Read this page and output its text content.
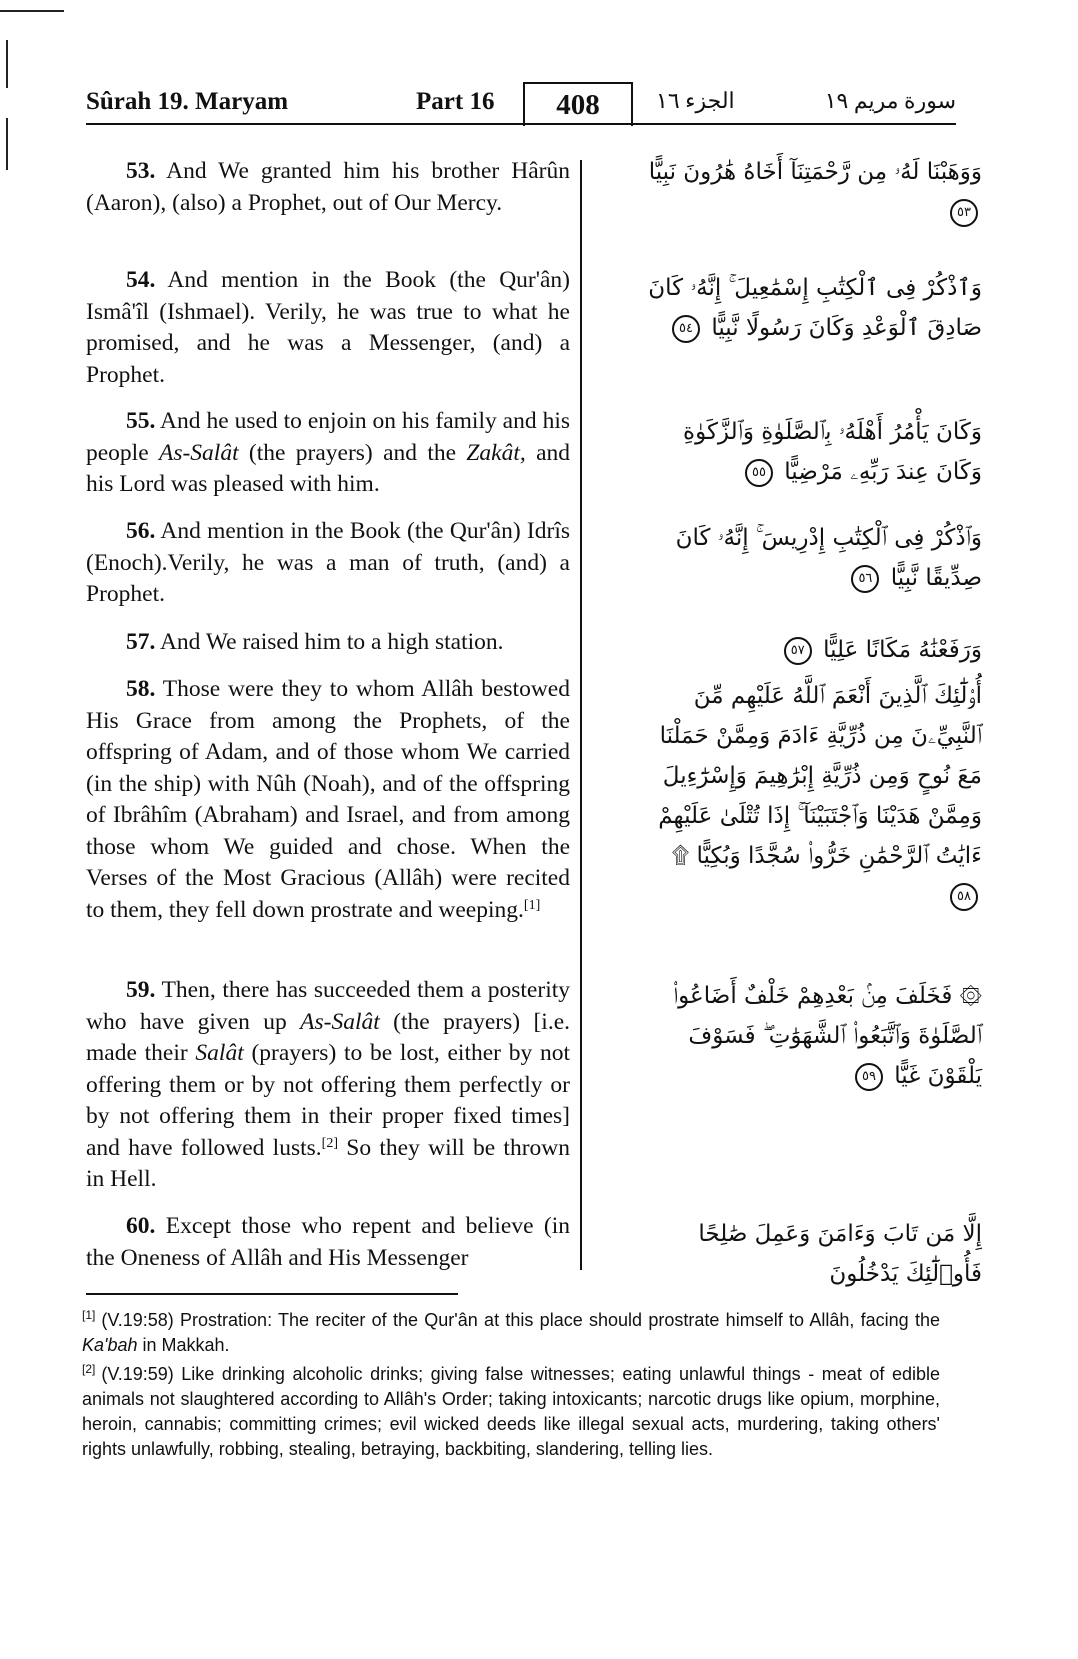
Sûrah 19. Maryam	Part 16	408	الجزء ١٦	سورة مريم ١٩

53. And We granted him his brother Hârûn (Aaron), (also) a Prophet, out of Our Mercy.

54. And mention in the Book (the Qur'ân) Ismâ'îl (Ishmael). Verily, he was true to what he promised, and he was a Messenger, (and) a Prophet.

55. And he used to enjoin on his family and his people As-Salât (the prayers) and the Zakât, and his Lord was pleased with him.

56. And mention in the Book (the Qur'ân) Idrîs (Enoch).Verily, he was a man of truth, (and) a Prophet.

57. And We raised him to a high station.

58. Those were they to whom Allâh bestowed His Grace from among the Prophets, of the offspring of Adam, and of those whom We carried (in the ship) with Nûh (Noah), and of the offspring of Ibrâhîm (Abraham) and Israel, and from among those whom We guided and chose. When the Verses of the Most Gracious (Allâh) were recited to them, they fell down prostrate and weeping.[1]

59. Then, there has succeeded them a posterity who have given up As-Salât (the prayers) [i.e. made their Salât (prayers) to be lost, either by not offering them or by not offering them perfectly or by not offering them in their proper fixed times] and have followed lusts.[2] So they will be thrown in Hell.

60. Except those who repent and believe (in the Oneness of Allâh and His Messenger

وَوَهَبْنَا لَهُۥ مِن رَّحْمَتِنَآ أَخَاهُ هَٰرُونَ نَبِيًّا ٥٣
وَٱذْكُرْ فِى ٱلْكِتَٰبِ إِسْمَٰعِيلَ ۚ إِنَّهُۥ كَانَ صَادِقَ ٱلْوَعْدِ وَكَانَ رَسُولًا نَّبِيًّا ٥٤
وَكَانَ يَأْمُرُ أَهْلَهُۥ بِٱلصَّلَوٰةِ وَٱلزَّكَوٰةِ وَكَانَ عِندَ رَبِّهِۦ مَرْضِيًّا ٥٥
وَٱذْكُرْ فِى ٱلْكِتَٰبِ إِدْرِيسَ ۚ إِنَّهُۥ كَانَ صِدِّيقًا نَّبِيًّا ٥٦
وَرَفَعْنَٰهُ مَكَانًا عَلِيًّا ٥٧
أُو۟لَٰٓئِكَ ٱلَّذِينَ أَنْعَمَ ٱللَّهُ عَلَيْهِم مِّنَ ٱلنَّبِيِّۦنَ مِن ذُرِّيَّةِ ءَادَمَ وَمِمَّنْ حَمَلْنَا مَعَ نُوحٍ وَمِن ذُرِّيَّةِ إِبْرَٰهِيمَ وَإِسْرَٰٓءِيلَ وَمِمَّنْ هَدَيْنَا وَٱجْتَبَيْنَآ ۚ إِذَا تُتْلَىٰ عَلَيْهِمْ ءَايَٰتُ ٱلرَّحْمَٰنِ خَرُّوا۟ سُجَّدًا وَبُكِيًّا ۩ ٥٨
۞ فَخَلَفَ مِنۢ بَعْدِهِمْ خَلْفٌ أَضَاعُوا۟ ٱلصَّلَوٰةَ وَٱتَّبَعُوا۟ ٱلشَّهَوَٰتِ ۖ فَسَوْفَ يَلْقَوْنَ غَيًّا ٥٩
إِلَّا مَن تَابَ وَءَامَنَ وَعَمِلَ صَٰلِحًا فَأُو۟لَٰٓئِكَ يَدْخُلُونَ

[1] (V.19:58) Prostration: The reciter of the Qur'ân at this place should prostrate himself to Allâh, facing the Ka'bah in Makkah.

[2] (V.19:59) Like drinking alcoholic drinks; giving false witnesses; eating unlawful things - meat of edible animals not slaughtered according to Allâh's Order; taking intoxicants; narcotic drugs like opium, morphine, heroin, cannabis; committing crimes; evil wicked deeds like illegal sexual acts, murdering, taking others' rights unlawfully, robbing, stealing, betraying, backbiting, slandering, telling lies.
